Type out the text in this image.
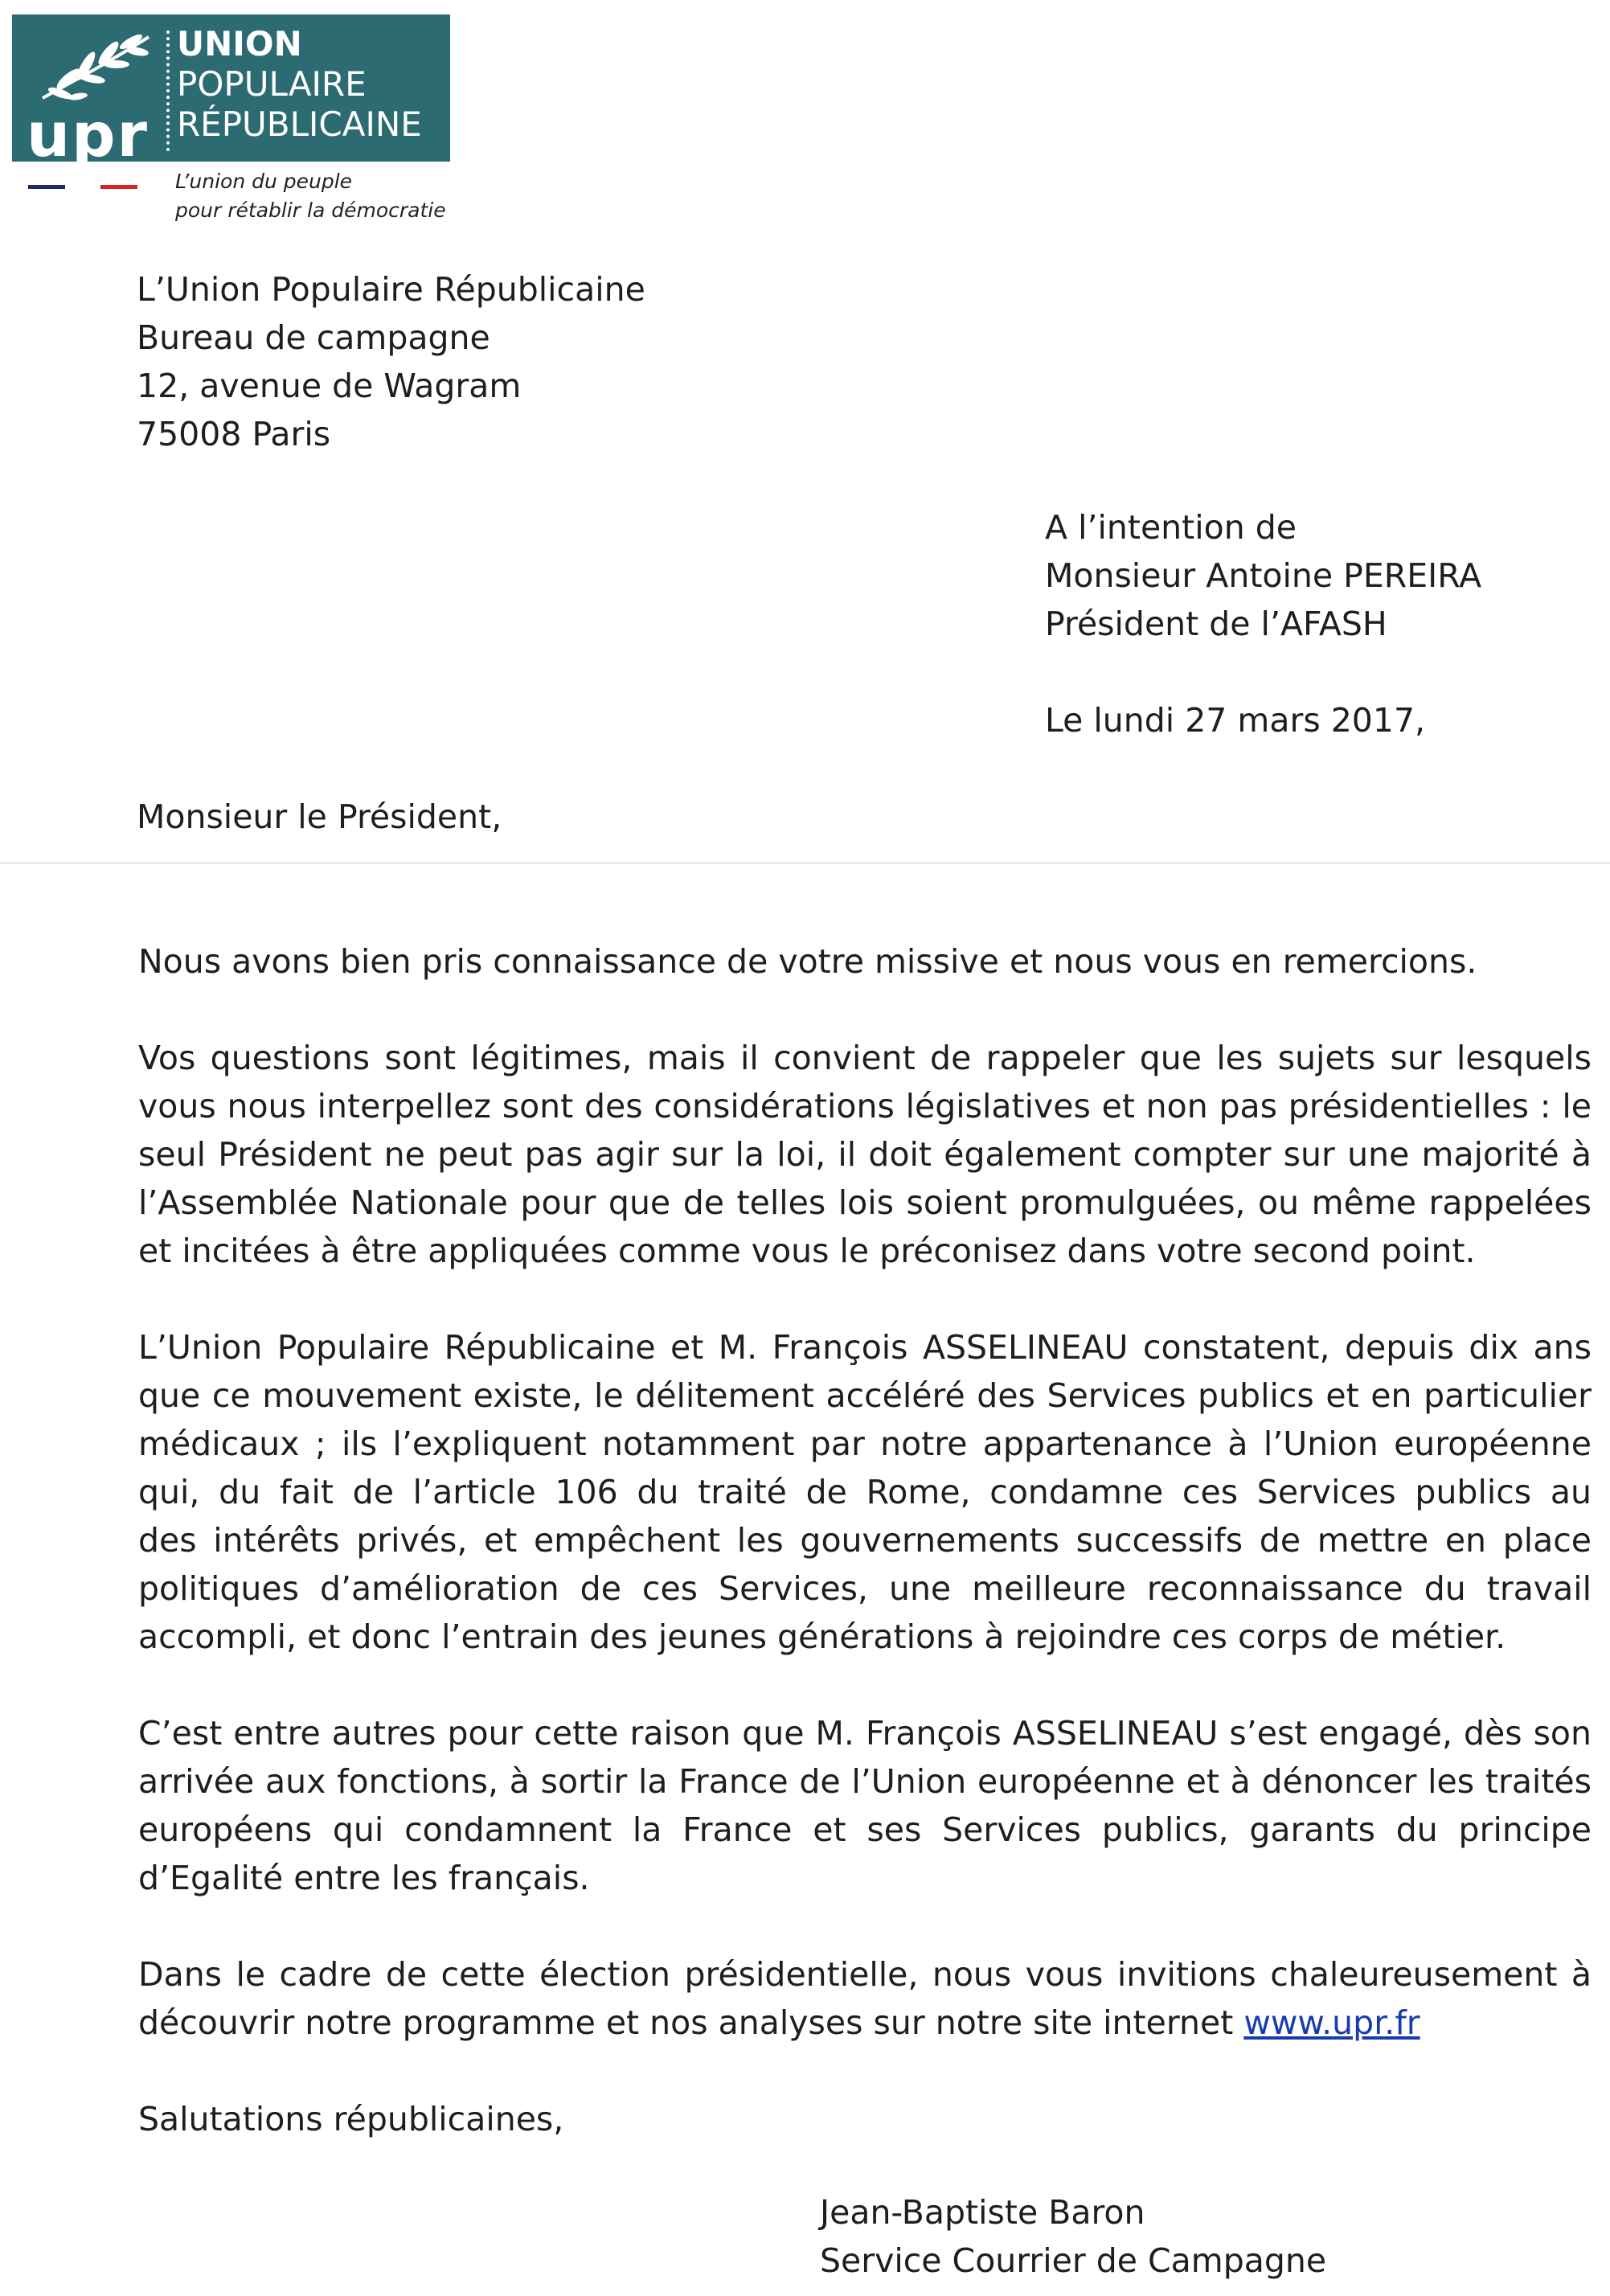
upr
UNION
POPULAIRE
RÉPUBLICAINE
L’union du peuple
pour rétablir la démocratie
L’Union Populaire Républicaine
Bureau de campagne
12, avenue de Wagram
75008 Paris
A l’intention de
Monsieur Antoine PEREIRA
Président de l’AFASH
Le lundi 27 mars 2017,
Monsieur le Président,
Nous avons bien pris connaissance de votre missive et nous vous en remercions.
Vos questions sont légitimes, mais il convient de rappeler que les sujets sur lesquels
vous nous interpellez sont des considérations législatives et non pas présidentielles : le
seul Président ne peut pas agir sur la loi, il doit également compter sur une majorité à
l’Assemblée Nationale pour que de telles lois soient promulguées, ou même rappelées
et incitées à être appliquées comme vous le préconisez dans votre second point.
L’Union Populaire Républicaine et M. François ASSELINEAU constatent, depuis dix ans
que ce mouvement existe, le délitement accéléré des Services publics et en particulier
médicaux ; ils l’expliquent notamment par notre appartenance à l’Union européenne
qui, du fait de l’article 106 du traité de Rome, condamne ces Services publics au
des intérêts privés, et empêchent les gouvernements successifs de mettre en place
politiques d’amélioration de ces Services, une meilleure reconnaissance du travail
accompli, et donc l’entrain des jeunes générations à rejoindre ces corps de métier.
C’est entre autres pour cette raison que M. François ASSELINEAU s’est engagé, dès son
arrivée aux fonctions, à sortir la France de l’Union européenne et à dénoncer les traités
européens qui condamnent la France et ses Services publics, garants du principe
d’Egalité entre les français.
Dans le cadre de cette élection présidentielle, nous vous invitions chaleureusement à
découvrir notre programme et nos analyses sur notre site internet www.upr.fr
Salutations républicaines,
Jean-Baptiste Baron
Service Courrier de Campagne
